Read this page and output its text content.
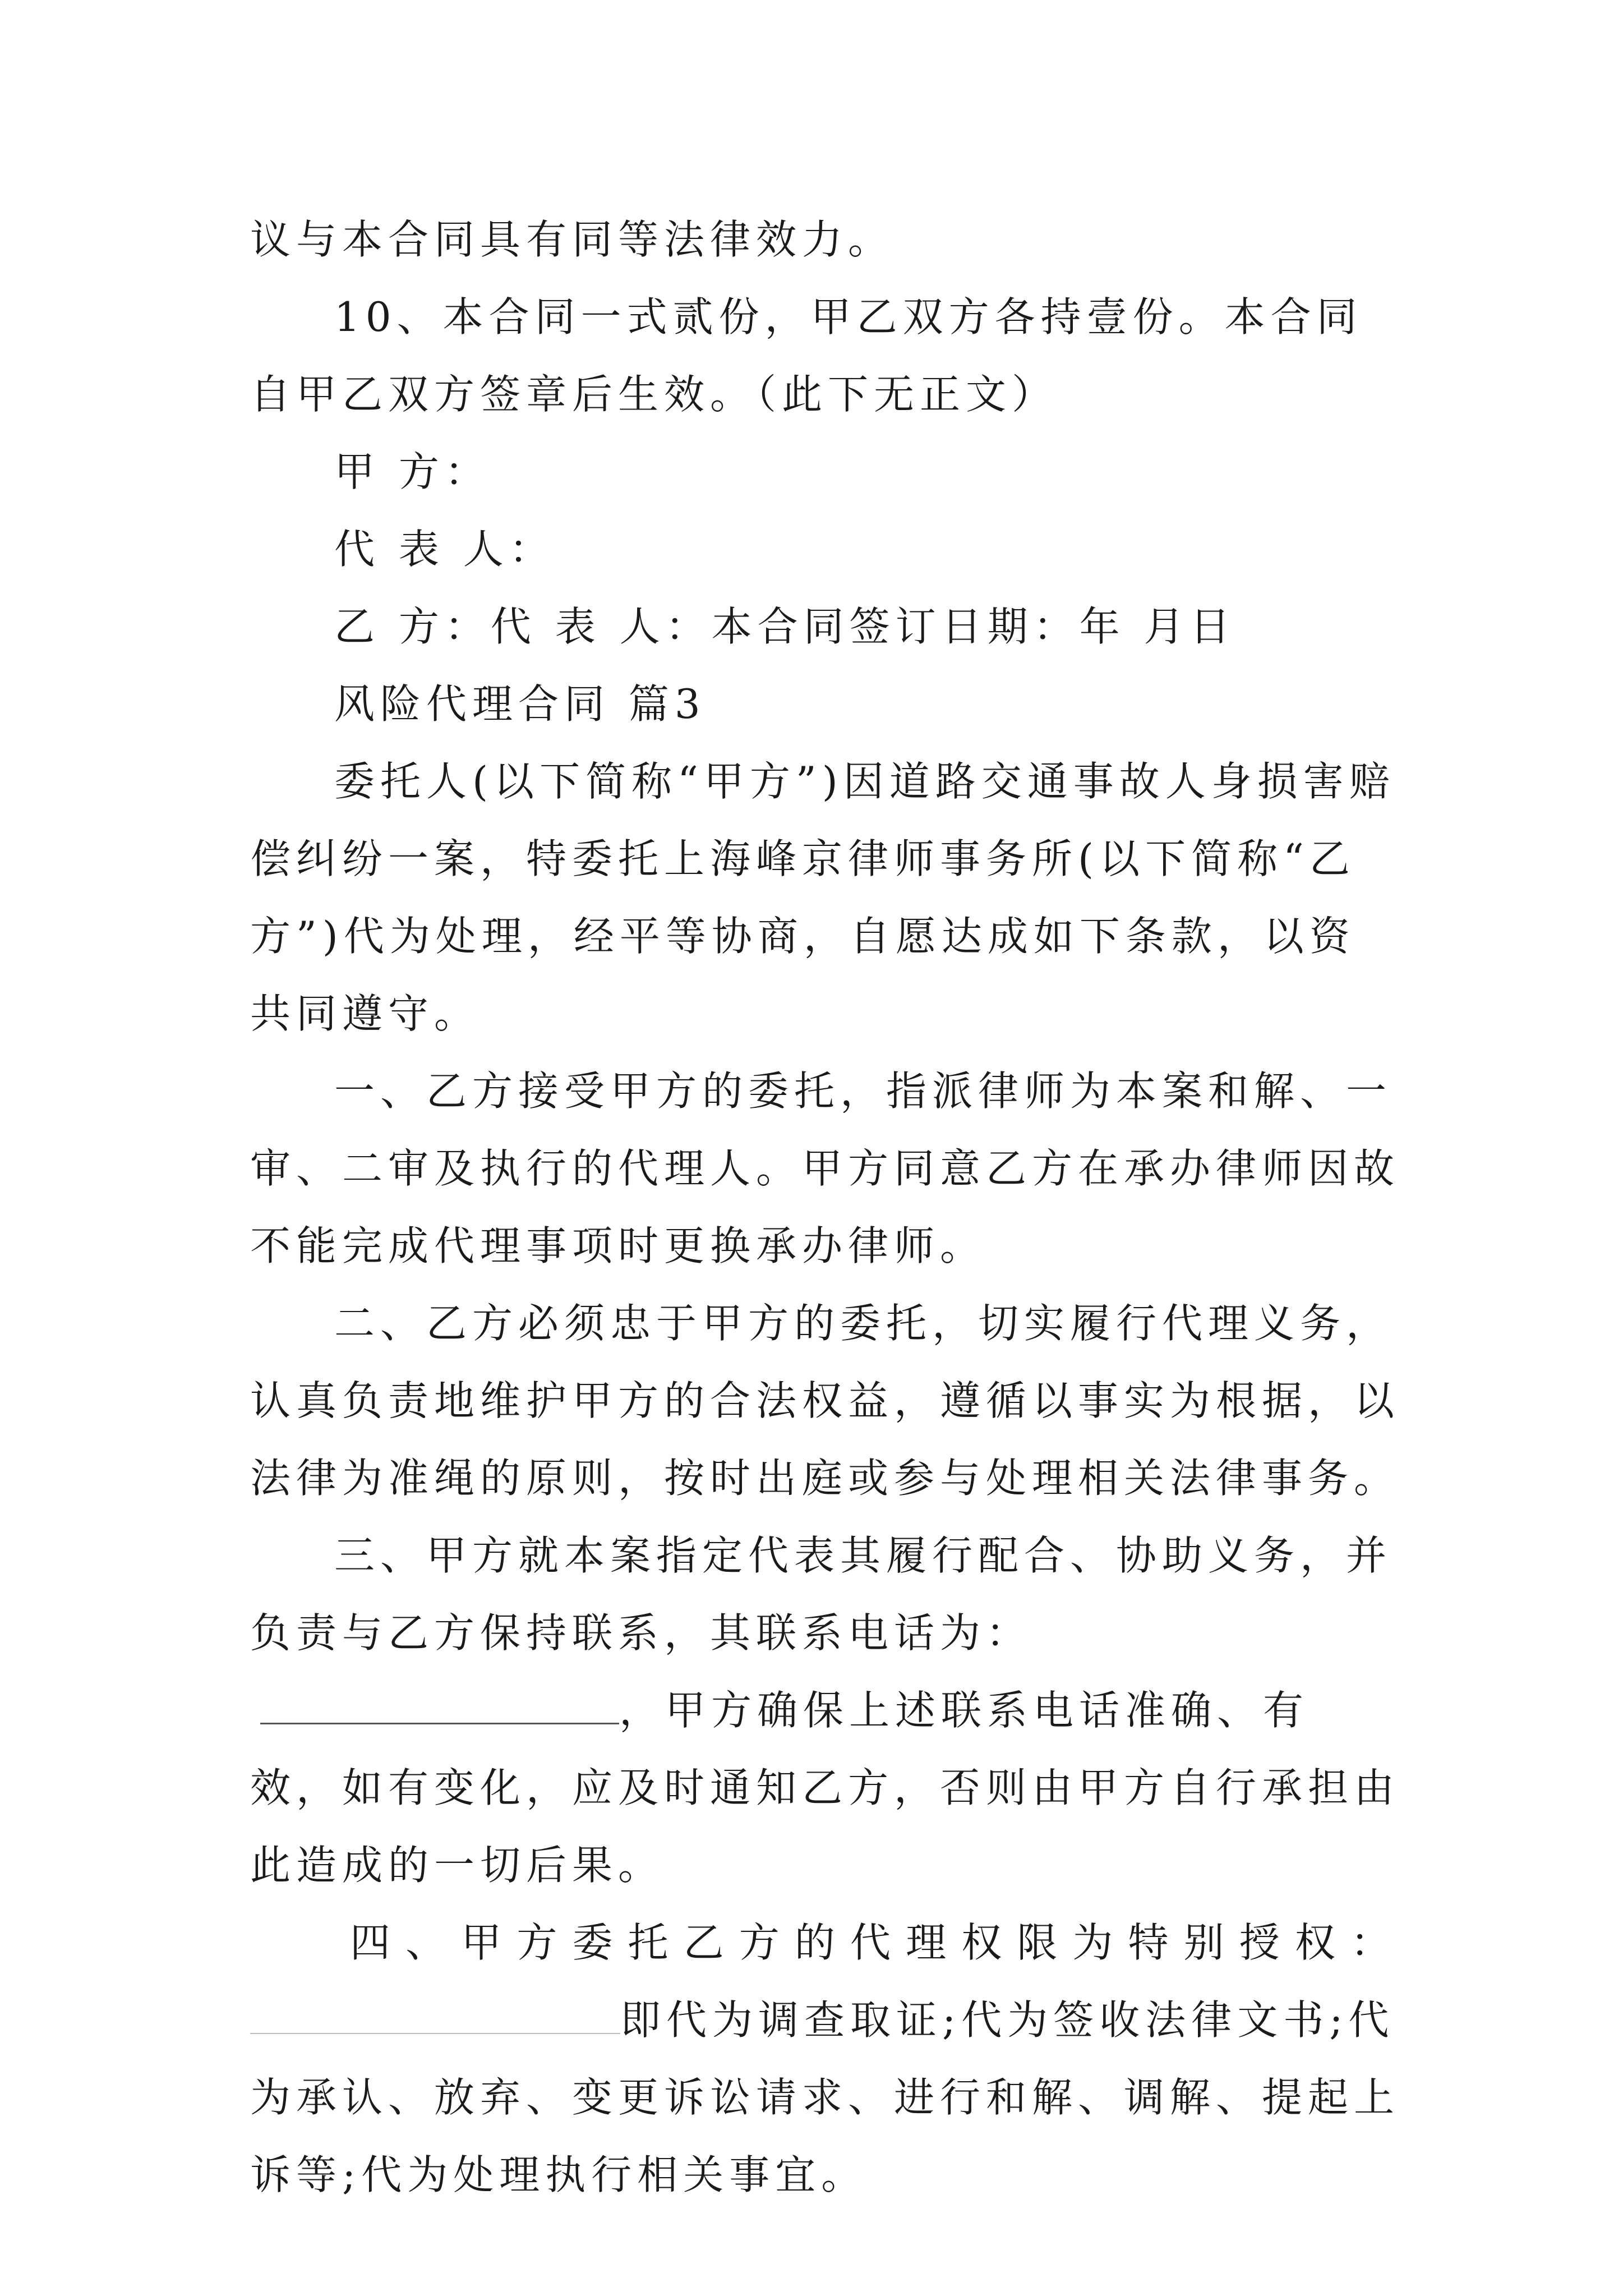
议与本合同具有同等法律效力。

10、本合同一式贰份，甲乙双方各持壹份。本合同自甲乙双方签章后生效。（此下无正文）

甲 方：

代 表 人：

乙 方：代 表 人：本合同签订日期：年 月日

风险代理合同 篇3

委托人(以下简称“甲方”)因道路交通事故人身损害赔偿纠纷一案，特委托上海峰京律师事务所(以下简称“乙方”)代为处理，经平等协商，自愿达成如下条款，以资共同遵守。

一、乙方接受甲方的委托，指派律师为本案和解、一审、二审及执行的代理人。甲方同意乙方在承办律师因故不能完成代理事项时更换承办律师。

二、乙方必须忠于甲方的委托，切实履行代理义务，认真负责地维护甲方的合法权益，遵循以事实为根据，以法律为准绳的原则，按时出庭或参与处理相关法律事务。

三、甲方就本案指定代表其履行配合、协助义务，并负责与乙方保持联系，其联系电话为：，甲方确保上述联系电话准确、有效，如有变化，应及时通知乙方，否则由甲方自行承担由此造成的一切后果。

四、甲方委托乙方的代理权限为特别授权：

即代为调查取证;代为签收法律文书;代为承认、放弃、变更诉讼请求、进行和解、调解、提起上诉等;代为处理执行相关事宜。
